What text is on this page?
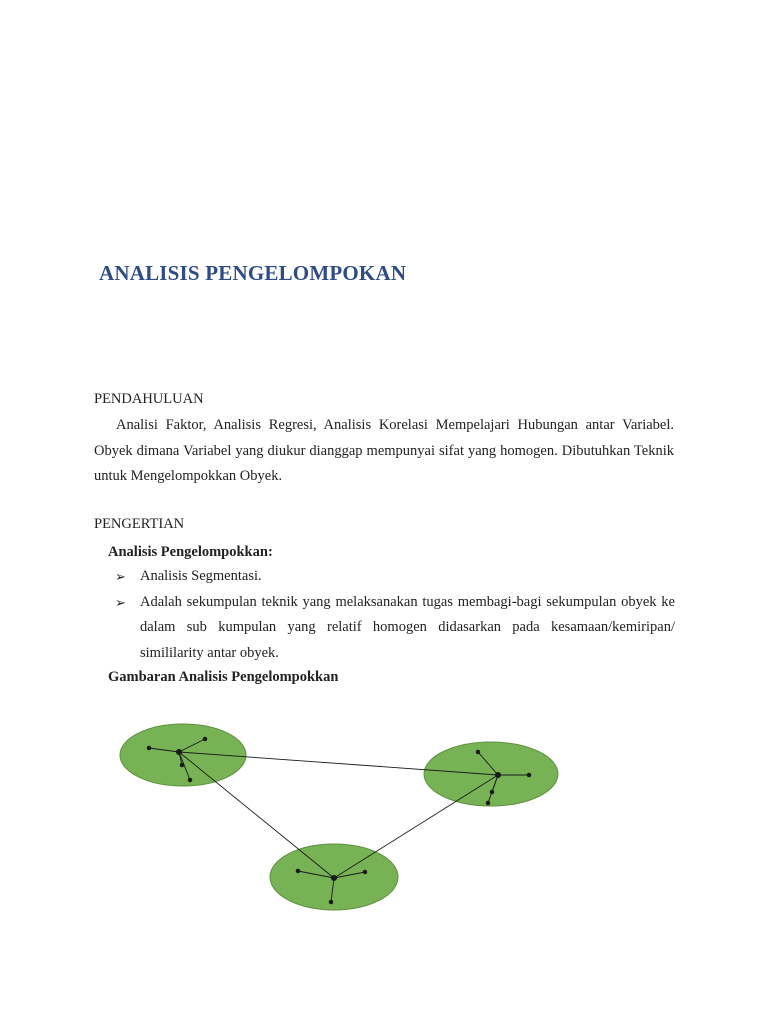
ANALISIS PENGELOMPOKAN
PENDAHULUAN
Analisi Faktor, Analisis Regresi, Analisis Korelasi Mempelajari Hubungan antar Variabel. Obyek dimana Variabel yang diukur dianggap mempunyai sifat yang homogen. Dibutuhkan Teknik untuk Mengelompokkan Obyek.
PENGERTIAN
Analisis Pengelompokkan:
➢ Analisis Segmentasi.
➢ Adalah sekumpulan teknik yang melaksanakan tugas membagi-bagi sekumpulan obyek ke dalam sub kumpulan yang relatif homogen didasarkan pada kesamaan/kemiripan/ simililarity antar obyek.
Gambaran Analisis Pengelompokkan
